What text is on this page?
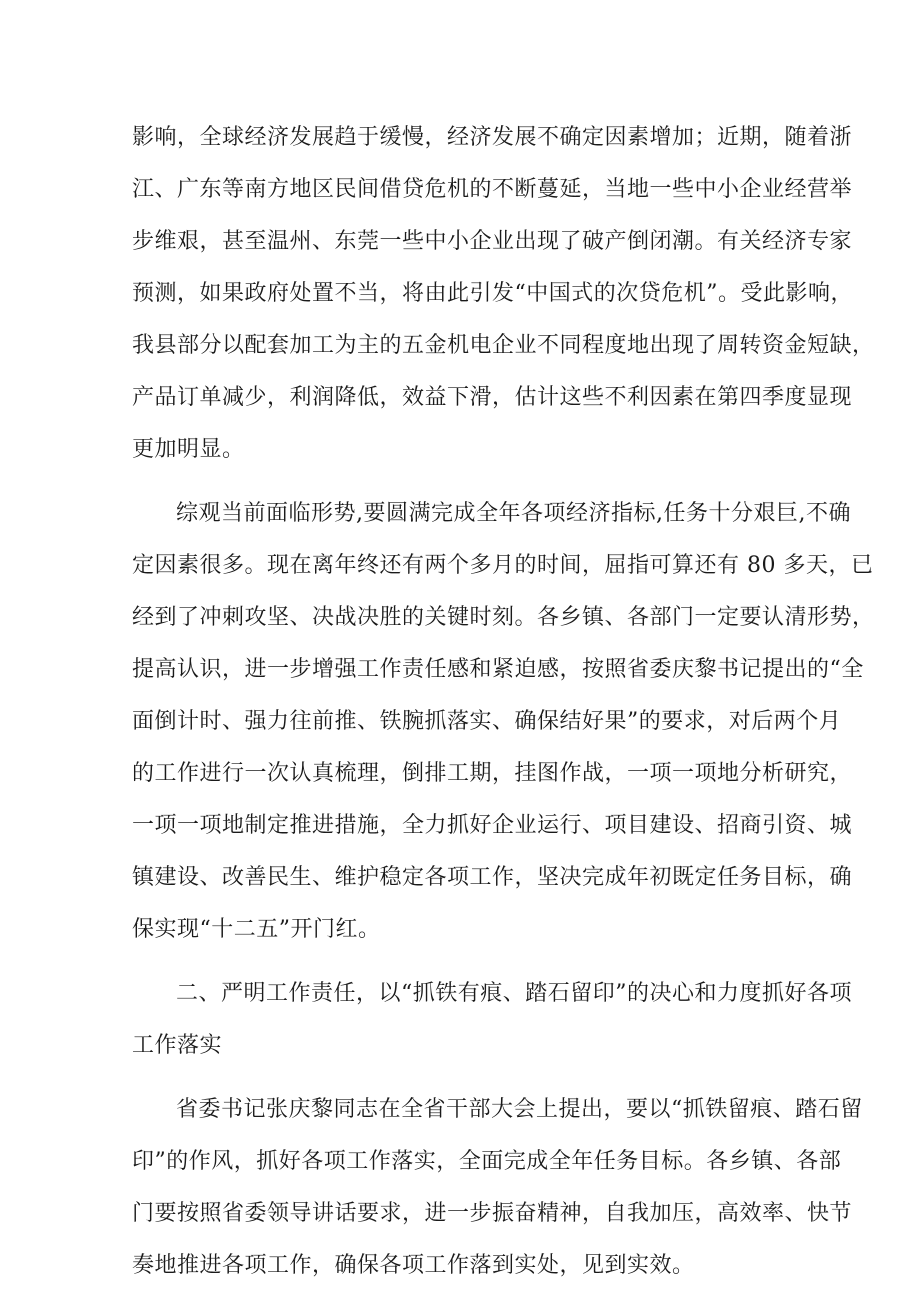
影响，全球经济发展趋于缓慢，经济发展不确定因素增加；近期，随着浙
江、广东等南方地区民间借贷危机的不断蔓延，当地一些中小企业经营举
步维艰，甚至温州、东莞一些中小企业出现了破产倒闭潮。有关经济专家
预测，如果政府处置不当，将由此引发“中国式的次贷危机”。受此影响，
我县部分以配套加工为主的五金机电企业不同程度地出现了周转资金短缺，
产品订单减少，利润降低，效益下滑，估计这些不利因素在第四季度显现
更加明显。
综观当前面临形势,要圆满完成全年各项经济指标,任务十分艰巨,不确
定因素很多。现在离年终还有两个多月的时间，屈指可算还有 80 多天，已
经到了冲刺攻坚、决战决胜的关键时刻。各乡镇、各部门一定要认清形势，
提高认识，进一步增强工作责任感和紧迫感，按照省委庆黎书记提出的“全
面倒计时、强力往前推、铁腕抓落实、确保结好果”的要求，对后两个月
的工作进行一次认真梳理，倒排工期，挂图作战，一项一项地分析研究，
一项一项地制定推进措施，全力抓好企业运行、项目建设、招商引资、城
镇建设、改善民生、维护稳定各项工作，坚决完成年初既定任务目标，确
保实现“十二五”开门红。
二、严明工作责任，以“抓铁有痕、踏石留印”的决心和力度抓好各项
工作落实
省委书记张庆黎同志在全省干部大会上提出，要以“抓铁留痕、踏石留
印”的作风，抓好各项工作落实，全面完成全年任务目标。各乡镇、各部
门要按照省委领导讲话要求，进一步振奋精神，自我加压，高效率、快节
奏地推进各项工作，确保各项工作落到实处，见到实效。
